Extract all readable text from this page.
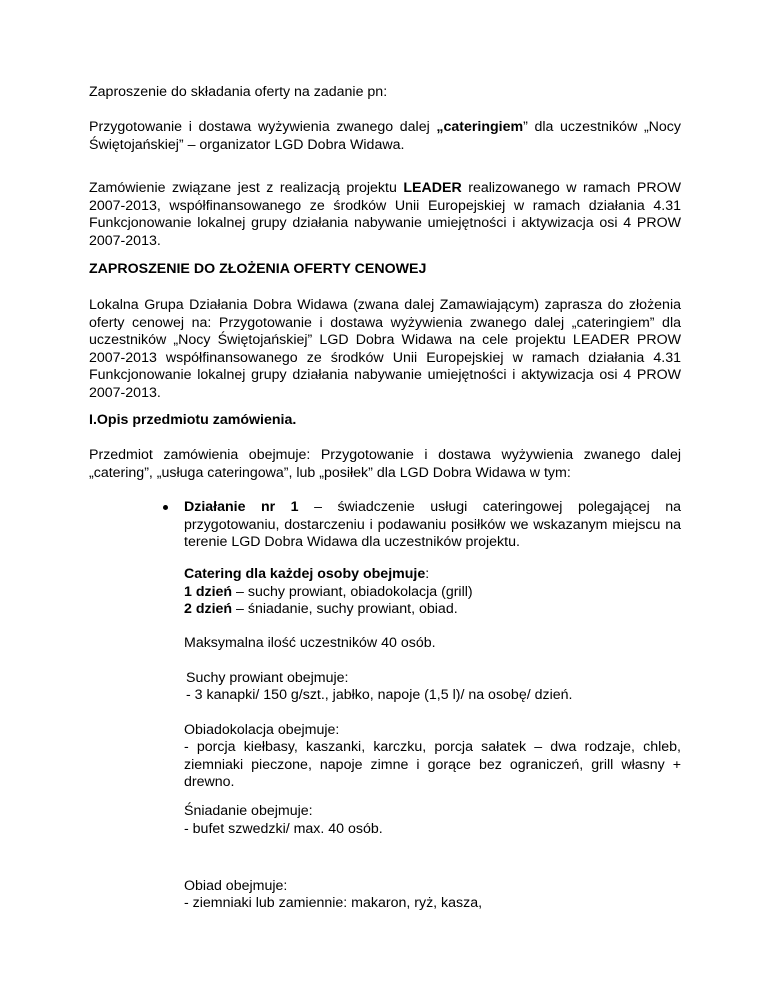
Zaproszenie do składania oferty na zadanie pn:

Przygotowanie i dostawa wyżywienia zwanego dalej „cateringiem” dla uczestników „Nocy Świętojańskiej” – organizator LGD Dobra Widawa.

Zamówienie związane jest z realizacją projektu LEADER realizowanego w ramach PROW 2007-2013, współfinansowanego ze środków Unii Europejskiej w ramach działania 4.31 Funkcjonowanie lokalnej grupy działania nabywanie umiejętności i aktywizacja osi 4 PROW 2007-2013.

ZAPROSZENIE DO ZŁOŻENIA OFERTY CENOWEJ

Lokalna Grupa Działania Dobra Widawa (zwana dalej Zamawiającym) zaprasza do złożenia oferty cenowej na: Przygotowanie i dostawa wyżywienia zwanego dalej „cateringiem” dla uczestników „Nocy Świętojańskiej” LGD Dobra Widawa na cele projektu LEADER PROW 2007-2013 współfinansowanego ze środków Unii Europejskiej w ramach działania 4.31 Funkcjonowanie lokalnej grupy działania nabywanie umiejętności i aktywizacja osi 4 PROW 2007-2013.

I.Opis przedmiotu zamówienia.

Przedmiot zamówienia obejmuje: Przygotowanie i dostawa wyżywienia zwanego dalej „catering”, „usługa cateringowa”, lub „posiłek” dla LGD Dobra Widawa w tym:

Działanie nr 1 – świadczenie usługi cateringowej polegającej na przygotowaniu, dostarczeniu i podawaniu posiłków we wskazanym miejscu na terenie LGD Dobra Widawa dla uczestników projektu.

Catering dla każdej osoby obejmuje:
1 dzień – suchy prowiant, obiadokolacja (grill)
2 dzień – śniadanie, suchy prowiant, obiad.

Maksymalna ilość uczestników 40 osób.

Suchy prowiant obejmuje:

- 3 kanapki/ 150 g/szt., jabłko, napoje (1,5 l)/ na osobę/ dzień.

Obiadokolacja obejmuje:

- porcja kiełbasy, kaszanki, karczku, porcja sałatek – dwa rodzaje, chleb, ziemniaki pieczone, napoje zimne i gorące bez ograniczeń, grill własny + drewno.

Śniadanie obejmuje:

- bufet szwedzki/ max. 40 osób.

Obiad obejmuje:

- ziemniaki lub zamiennie: makaron, ryż, kasza,
